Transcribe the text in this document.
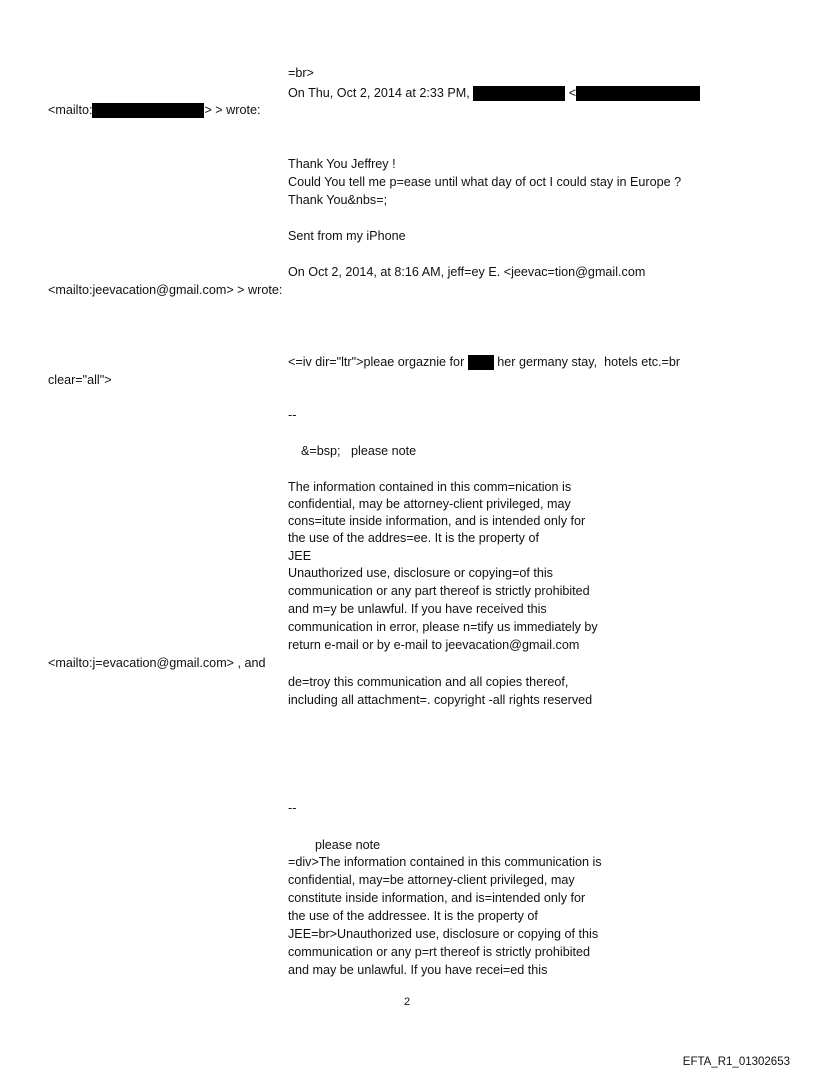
=br>
On Thu, Oct 2, 2014 at 2:33 PM,	<
<mailto:	> > wrote:
Thank You Jeffrey !
Could You tell me p=ease until what day of oct I could stay in Europe ?
Thank You&nbs=;
Sent from my iPhone
On Oct 2, 2014, at 8:16 AM, jeff=ey E. <jeevac=tion@gmail.com
<mailto:jeevacation@gmail.com> > wrote:
<=iv dir="ltr">pleae orgaznie for  her germany stay,  hotels etc.=br
clear="all">
--
&=bsp;   please note
The information contained in this comm=nication is
confidential, may be attorney-client privileged, may
cons=itute inside information, and is intended only for
the use of the addres=ee. It is the property of
JEE
Unauthorized use, disclosure or copying=of this
communication or any part thereof is strictly prohibited
and m=y be unlawful. If you have received this
communication in error, please n=tify us immediately by
return e-mail or by e-mail to jeevacation@gmail.com
<mailto:j=evacation@gmail.com> , and
de=troy this communication and all copies thereof,
including all attachment=. copyright -all rights reserved
--
please note
=div>The information contained in this communication is
confidential, may=be attorney-client privileged, may
constitute inside information, and is=intended only for
the use of the addressee. It is the property of
JEE=br>Unauthorized use, disclosure or copying of this
communication or any p=rt thereof is strictly prohibited
and may be unlawful. If you have recei=ed this
2
EFTA_R1_01302653
